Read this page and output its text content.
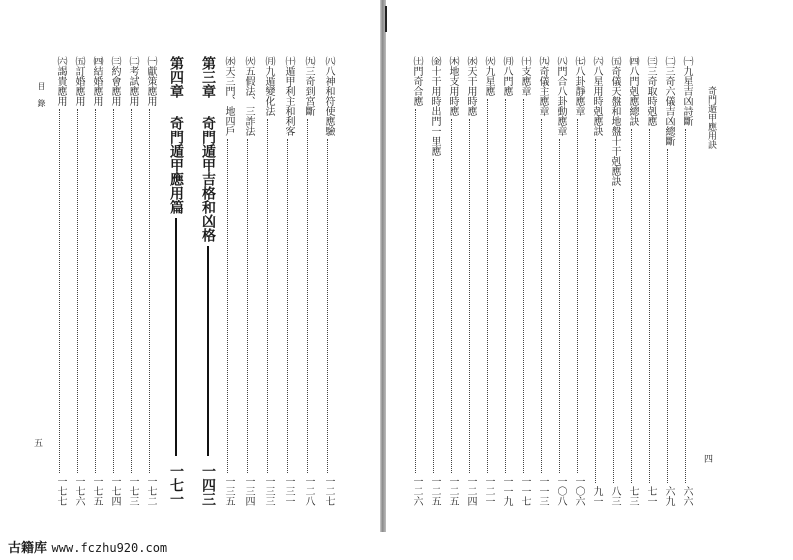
目 錄
五
㈧八神和符使應驗
一二七
㈨三奇到宮斷
一二八
㈩遁甲利主和利客
一三一
㈪九遁變化法
一三三
㈫五假法、三詐法
一三四
㈬天三門、地四戶
一三五
第三章
奇門遁甲吉格和凶格
一四三
第四章
奇門遁甲應用篇
一七一
㈠獻策應用
一七二
㈡考試應用
一七三
㈢約會應用
一七四
㈣結婚應用
一七五
㈤訂婚應用
一七六
㈥謁貴應用
一七七
奇門遁甲應用訣
四
㈠九星吉凶詩斷
六六
㈡三奇六儀吉凶總斷
六九
㈢三奇取時剋應
七一
㈣八門剋應總訣
七三
㈤奇儀天盤和地盤十干剋應訣
八三
㈥八星用時剋應訣
九一
㈦八卦靜應章
一〇六
㈧門合八卦動應章
一〇八
㈨奇儀主應章
一一三
㈩支應章
一一七
㈪八門應
一一九
㈫九星應
一二一
㈬天干用時應
一二四
㈭地支用時應
一二五
㈮十干用時出門一里應
一二五
㈯門奇合應
一二六
古籍库 www.fczhu920.com
